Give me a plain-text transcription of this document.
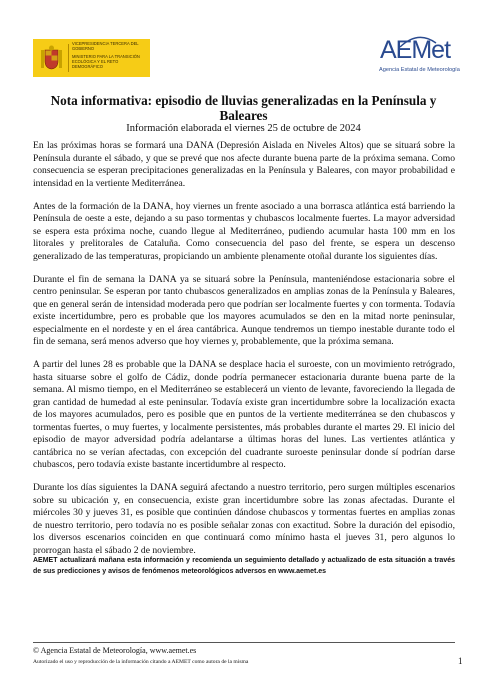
VICEPRESIDENCIA TERCERA DEL GOBIERNO
MINISTERIO PARA LA TRANSICIÓN ECOLÓGICA Y EL RETO DEMOGRÁFICO
AEMet
Agencia Estatal de Meteorología
Nota informativa: episodio de lluvias generalizadas en la Península y Baleares
Información elaborada el viernes 25 de octubre de 2024

En las próximas horas se formará una DANA (Depresión Aislada en Niveles Altos) que se situará sobre la Península durante el sábado, y que se prevé que nos afecte durante buena parte de la próxima semana. Como consecuencia se esperan precipitaciones generalizadas en la Península y Baleares, con mayor probabilidad e intensidad en la vertiente Mediterránea.

Antes de la formación de la DANA, hoy viernes un frente asociado a una borrasca atlántica está barriendo la Península de oeste a este, dejando a su paso tormentas y chubascos localmente fuertes. La mayor adversidad se espera esta próxima noche, cuando llegue al Mediterráneo, pudiendo acumular hasta 100 mm en los litorales y prelitorales de Cataluña. Como consecuencia del paso del frente, se espera un descenso generalizado de las temperaturas, propiciando un ambiente plenamente otoñal durante los siguientes días.

Durante el fin de semana la DANA ya se situará sobre la Península, manteniéndose estacionaria sobre el centro peninsular. Se esperan por tanto chubascos generalizados en amplias zonas de la Península y Baleares, que en general serán de intensidad moderada pero que podrían ser localmente fuertes y con tormenta. Todavía existe incertidumbre, pero es probable que los mayores acumulados se den en la mitad norte peninsular, especialmente en el nordeste y en el área cantábrica. Aunque tendremos un tiempo inestable durante todo el fin de semana, será menos adverso que hoy viernes y, probablemente, que la próxima semana.

A partir del lunes 28 es probable que la DANA se desplace hacia el suroeste, con un movimiento retrógrado, hasta situarse sobre el golfo de Cádiz, donde podría permanecer estacionaria durante buena parte de la semana. Al mismo tiempo, en el Mediterráneo se establecerá un viento de levante, favoreciendo la llegada de gran cantidad de humedad al este peninsular. Todavía existe gran incertidumbre sobre la localización exacta de los mayores acumulados, pero es posible que en puntos de la vertiente mediterránea se den chubascos y tormentas fuertes, o muy fuertes, y localmente persistentes, más probables durante el martes 29. El inicio del episodio de mayor adversidad podría adelantarse a últimas horas del lunes. Las vertientes atlántica y cantábrica no se verían afectadas, con excepción del cuadrante suroeste peninsular donde sí podrían darse chubascos, pero todavía existe bastante incertidumbre al respecto.

Durante los días siguientes la DANA seguirá afectando a nuestro territorio, pero surgen múltiples escenarios sobre su ubicación y, en consecuencia, existe gran incertidumbre sobre las zonas afectadas. Durante el miércoles 30 y jueves 31, es posible que continúen dándose chubascos y tormentas fuertes en amplias zonas de nuestro territorio, pero todavía no es posible señalar zonas con exactitud. Sobre la duración del episodio, los diversos escenarios coinciden en que continuará como mínimo hasta el jueves 31, pero algunos lo prorrogan hasta el sábado 2 de noviembre.

AEMET actualizará mañana esta información y recomienda un seguimiento detallado y actualizado de esta situación a través de sus predicciones y avisos de fenómenos meteorológicos adversos en www.aemet.es

© Agencia Estatal de Meteorología, www.aemet.es
Autorizado el uso y reproducción de la información citando a AEMET como autora de la misma	1
